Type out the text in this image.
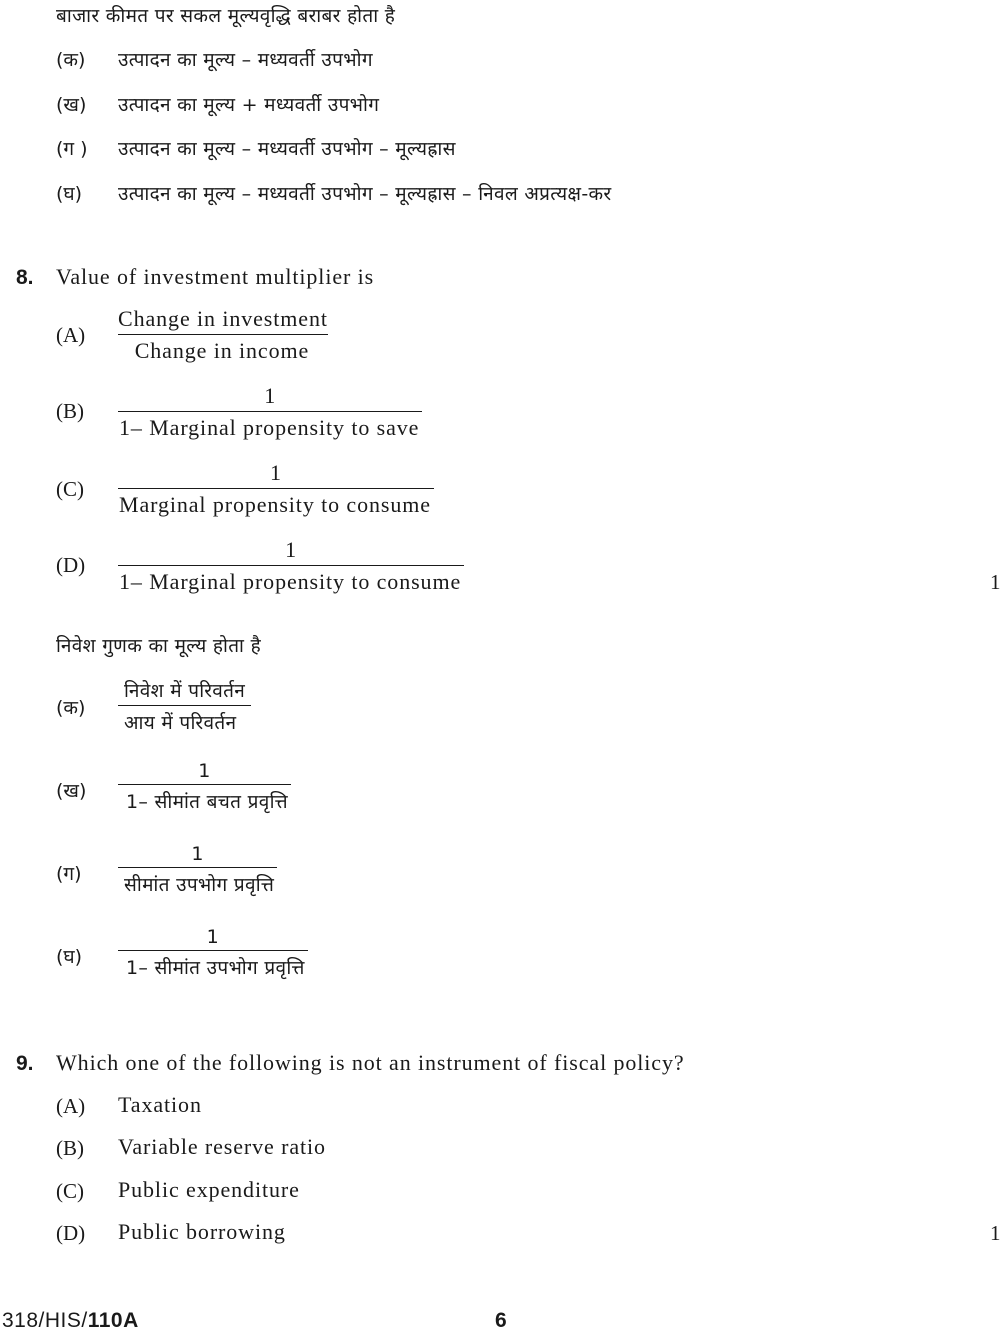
बाजार कीमत पर सकल मूल्यवृद्धि बराबर होता है
(क) उत्पादन का मूल्य – मध्यवर्ती उपभोग
(ख) उत्पादन का मूल्य + मध्यवर्ती उपभोग
(ग ) उत्पादन का मूल्य – मध्यवर्ती उपभोग – मूल्यह्रास
(घ) उत्पादन का मूल्य – मध्यवर्ती उपभोग – मूल्यह्रास – निवल अप्रत्यक्ष-कर
8. Value of investment multiplier is
(A)
Change in investment
Change in income
(B)
1
1– Marginal propensity to save
(C)
1
Marginal propensity to consume
(D)
1
1– Marginal propensity to consume	1
निवेश गुणक का मूल्य होता है
(क)
निवेश में परिवर्तन
आय में परिवर्तन
(ख)
1
1– सीमांत बचत प्रवृत्ति
(ग)
1
सीमांत उपभोग प्रवृत्ति
(घ)
1
1– सीमांत उपभोग प्रवृत्ति
9. Which one of the following is not an instrument of fiscal policy?
(A) Taxation
(B) Variable reserve ratio
(C) Public expenditure
(D) Public borrowing	1
318/HIS/110A	6
